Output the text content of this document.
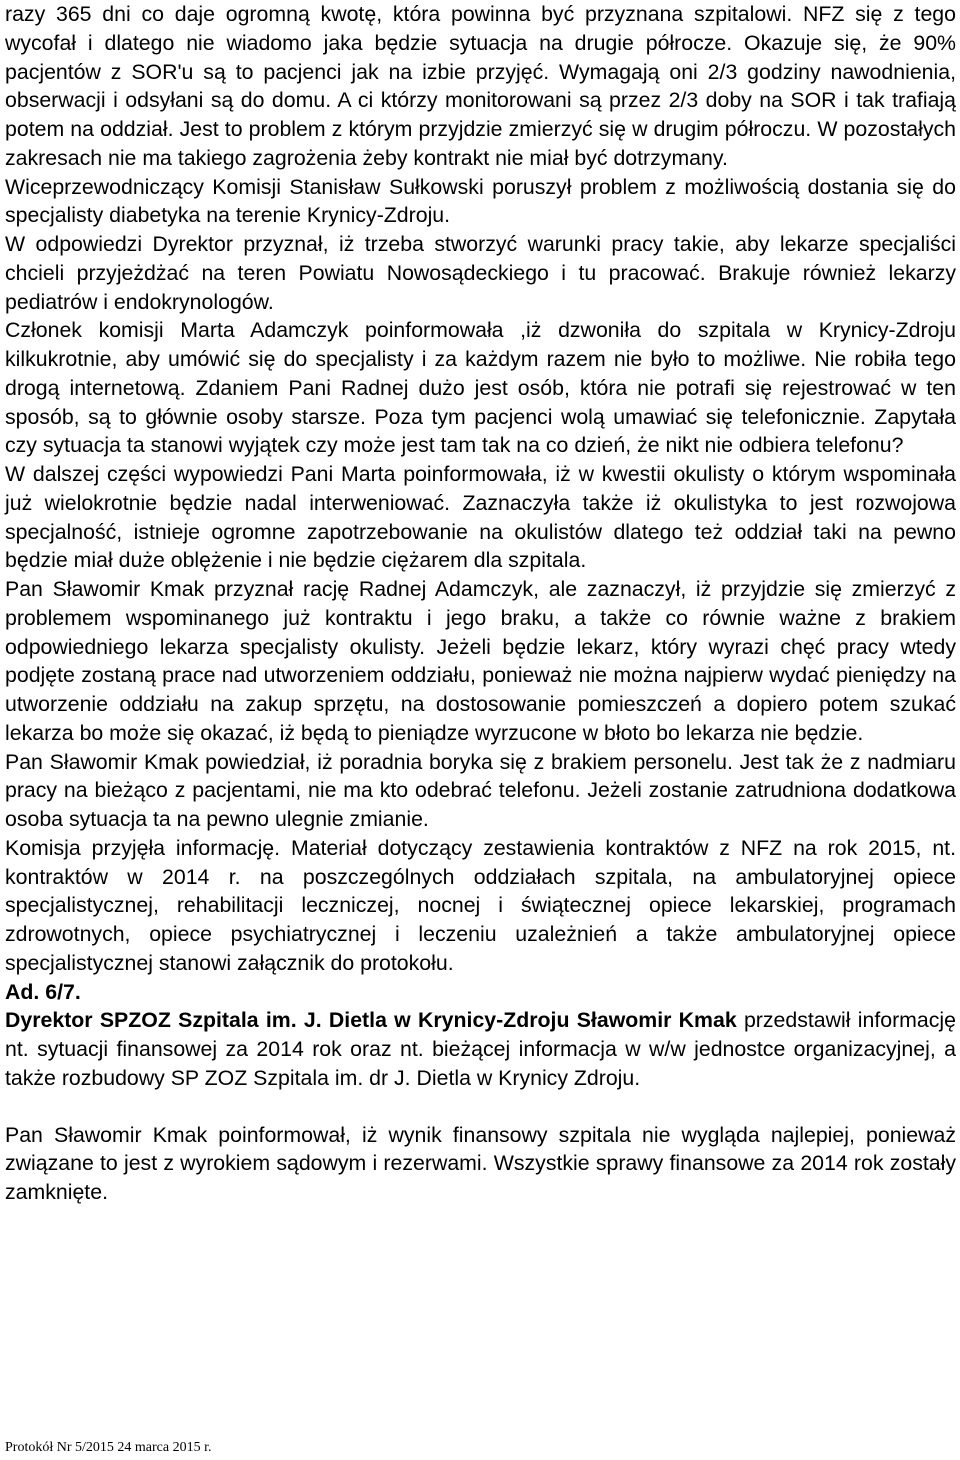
razy 365 dni co daje ogromną kwotę, która powinna być przyznana szpitalowi. NFZ się z tego wycofał i dlatego nie wiadomo jaka będzie sytuacja na drugie półrocze. Okazuje się, że 90% pacjentów z SOR'u są to pacjenci jak na izbie przyjęć. Wymagają oni 2/3 godziny nawodnienia, obserwacji i odsyłani są do domu. A ci którzy monitorowani są przez 2/3 doby na SOR i tak trafiają potem na oddział. Jest to problem z którym przyjdzie zmierzyć się w drugim półroczu. W pozostałych zakresach nie ma takiego zagrożenia żeby kontrakt nie miał być dotrzymany.

Wiceprzewodniczący Komisji Stanisław Sułkowski poruszył problem z możliwością dostania się do specjalisty diabetyka na terenie Krynicy-Zdroju.

W odpowiedzi Dyrektor przyznał, iż trzeba stworzyć warunki pracy takie, aby lekarze specjaliści chcieli przyjeżdżać na teren Powiatu Nowosądeckiego i tu pracować. Brakuje również lekarzy pediatrów i endokrynologów.

Członek komisji Marta Adamczyk poinformowała ,iż dzwoniła do szpitala w Krynicy-Zdroju kilkukrotnie, aby umówić się do specjalisty i za każdym razem nie było to możliwe. Nie robiła tego drogą internetową. Zdaniem Pani Radnej dużo jest osób, która nie potrafi się rejestrować w ten sposób, są to głównie osoby starsze. Poza tym pacjenci wolą umawiać się telefonicznie. Zapytała czy sytuacja ta stanowi wyjątek czy może jest tam tak na co dzień, że nikt nie odbiera telefonu?

W dalszej części wypowiedzi Pani Marta poinformowała, iż w kwestii okulisty o którym wspominała już wielokrotnie będzie nadal interweniować. Zaznaczyła także iż okulistyka to jest rozwojowa specjalność, istnieje ogromne zapotrzebowanie na okulistów dlatego też oddział taki na pewno będzie miał duże oblężenie i nie będzie ciężarem dla szpitala.

Pan Sławomir Kmak przyznał rację Radnej Adamczyk, ale zaznaczył, iż przyjdzie się zmierzyć z problemem wspominanego już kontraktu i jego braku, a także co równie ważne z brakiem odpowiedniego lekarza specjalisty okulisty. Jeżeli będzie lekarz, który wyrazi chęć pracy wtedy podjęte zostaną prace nad utworzeniem oddziału, ponieważ nie można najpierw wydać pieniędzy na utworzenie oddziału na zakup sprzętu, na dostosowanie pomieszczeń a dopiero potem szukać lekarza bo może się okazać, iż będą to pieniądze wyrzucone w błoto bo lekarza nie będzie.

Pan Sławomir Kmak powiedział, iż poradnia boryka się z brakiem personelu. Jest tak że z nadmiaru pracy na bieżąco z pacjentami, nie ma kto odebrać telefonu. Jeżeli zostanie zatrudniona dodatkowa osoba sytuacja ta na pewno ulegnie zmianie.

Komisja przyjęła informację. Materiał dotyczący zestawienia kontraktów z NFZ na rok 2015, nt. kontraktów w 2014 r. na poszczególnych oddziałach szpitala, na ambulatoryjnej opiece specjalistycznej, rehabilitacji leczniczej, nocnej i świątecznej opiece lekarskiej, programach zdrowotnych, opiece psychiatrycznej i leczeniu uzależnień a także ambulatoryjnej opiece specjalistycznej stanowi załącznik do protokołu.

Ad. 6/7.

Dyrektor SPZOZ Szpitala im. J. Dietla w Krynicy-Zdroju Sławomir Kmak przedstawił informację nt. sytuacji finansowej za 2014 rok oraz nt. bieżącej informacja w w/w jednostce organizacyjnej, a także rozbudowy SP ZOZ Szpitala im. dr J. Dietla w Krynicy Zdroju.

Pan Sławomir Kmak poinformował, iż wynik finansowy szpitala nie wygląda najlepiej, ponieważ związane to jest z wyrokiem sądowym i rezerwami. Wszystkie sprawy finansowe za 2014 rok zostały zamknięte.

Protokół Nr 5/2015 24 marca 2015 r.
